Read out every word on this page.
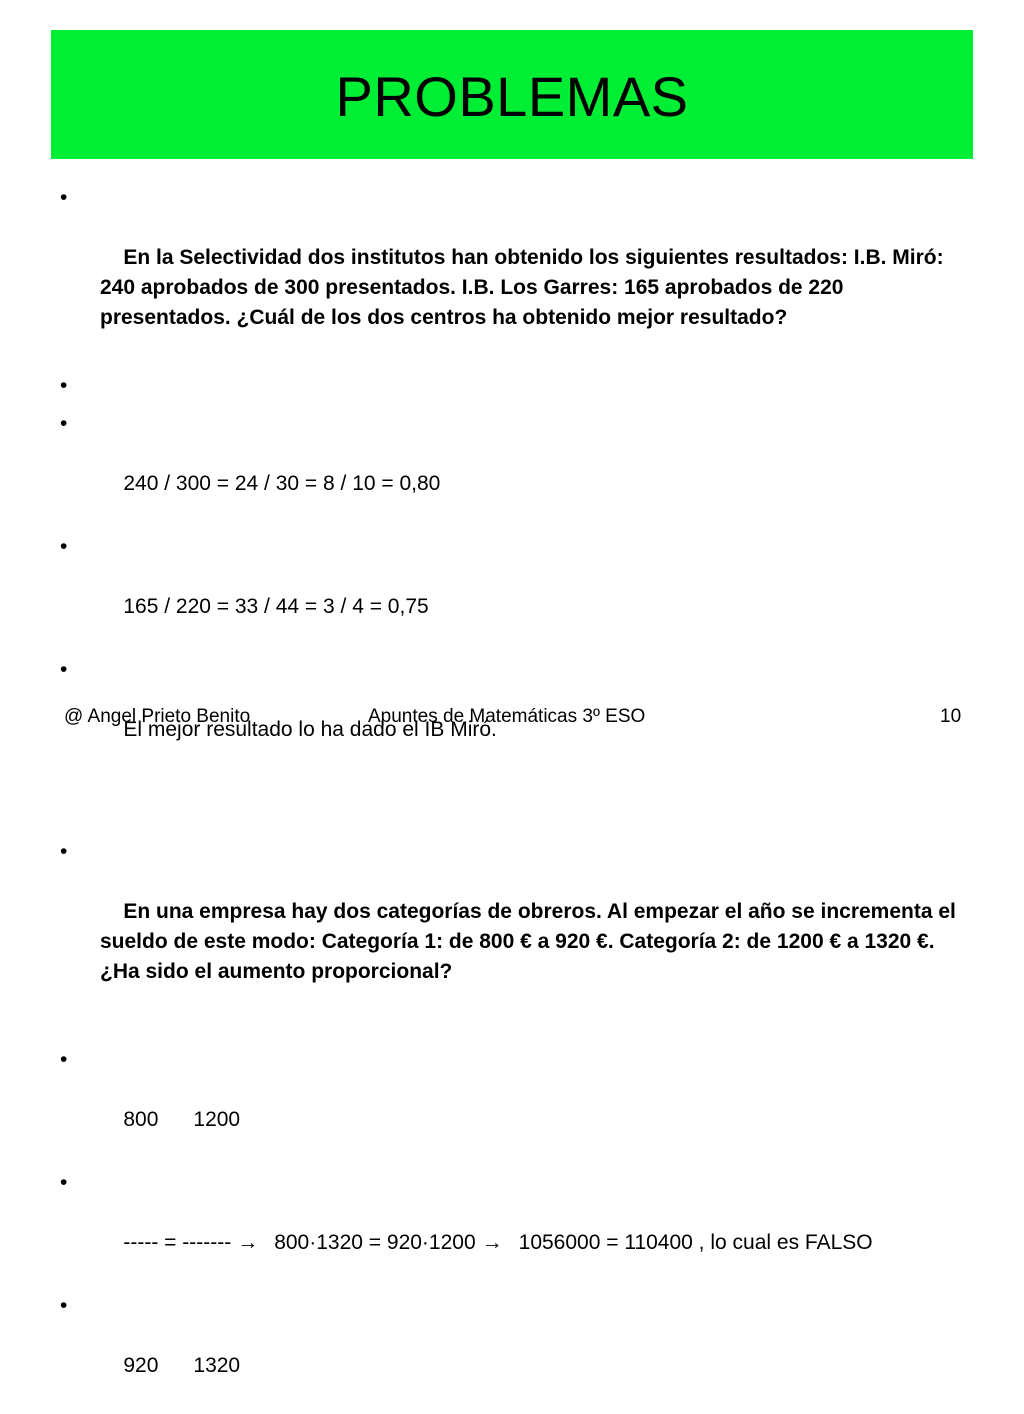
PROBLEMAS

•

En la Selectividad dos institutos han obtenido los siguientes resultados: I.B. Miró: 240 aprobados de 300 presentados. I.B. Los Garres: 165 aprobados de 220 presentados. ¿Cuál de los dos centros ha obtenido mejor resultado?

•

•

240 / 300 = 24 / 30 = 8 / 10 = 0,80

•

165 / 220 = 33 / 44 = 3 / 4 = 0,75

•

El mejor resultado lo ha dado el IB Miró.

•

En una empresa hay dos categorías de obreros. Al empezar el año se incrementa el sueldo de este modo: Categoría 1: de 800 € a 920 €. Categoría 2: de 1200 € a 1320 €. ¿Ha sido el aumento proporcional?

•

800      1200

•

----- = ------- → 800·1320 = 920·1200 → 1056000 = 110400 , lo cual es FALSO

•

920      1320

@ Angel Prieto Benito	Apuntes de Matemáticas 3º ESO	10
